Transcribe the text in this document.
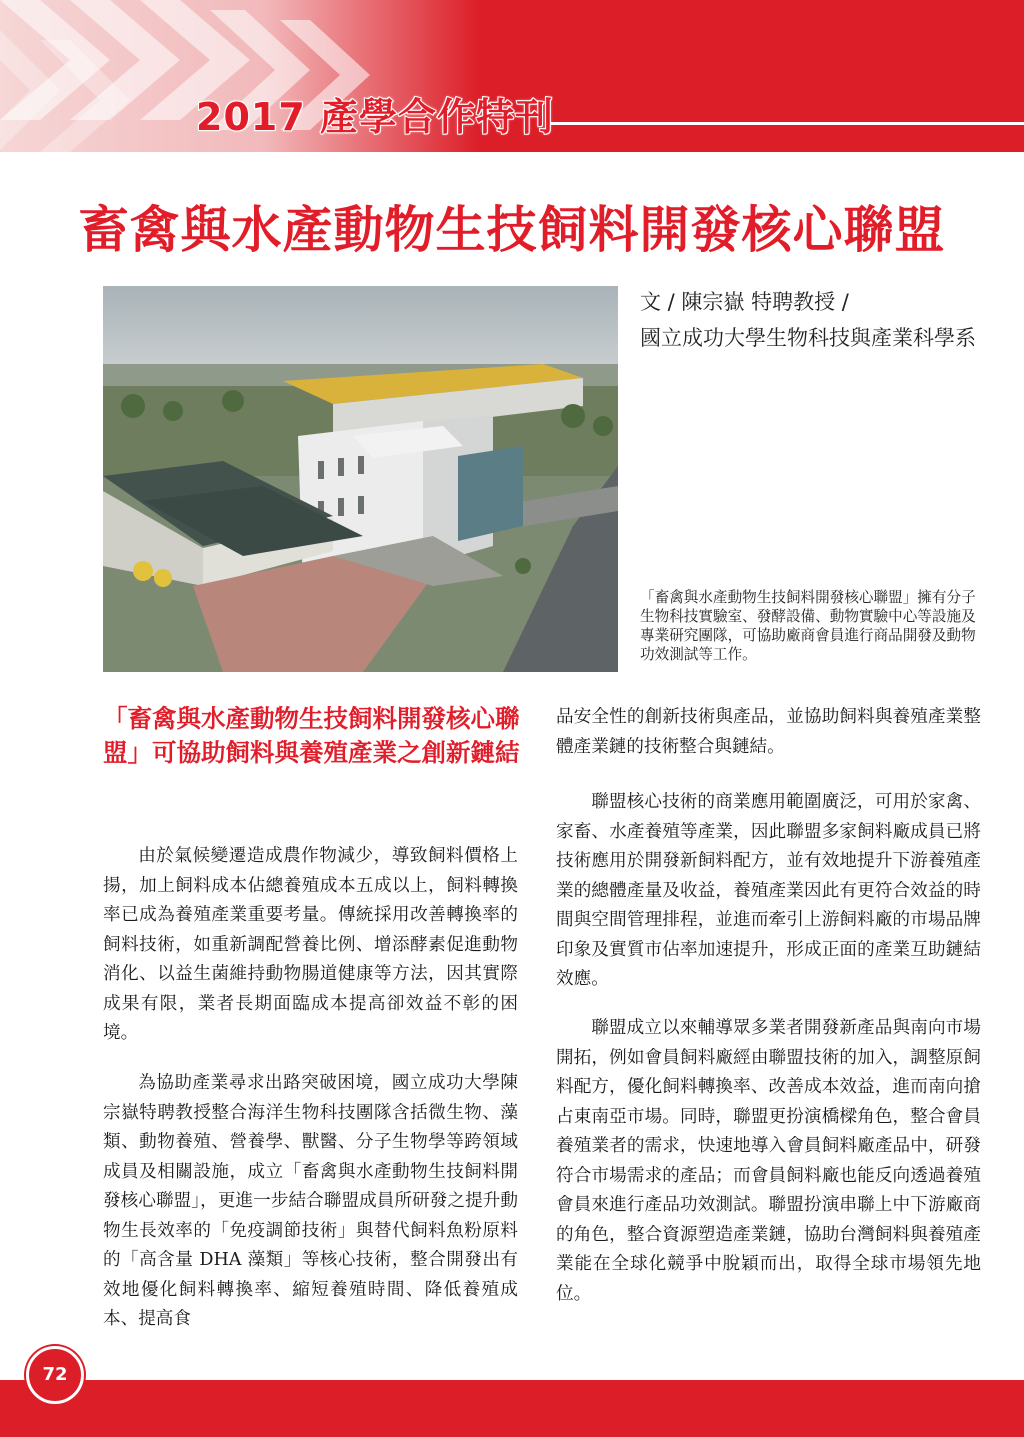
2017 產學合作特刊
畜禽與水產動物生技飼料開發核心聯盟
文 / 陳宗嶽 特聘教授 /
國立成功大學生物科技與產業科學系
「畜禽與水產動物生技飼料開發核心聯盟」擁有分子生物科技實驗室、發酵設備、動物實驗中心等設施及專業研究團隊，可協助廠商會員進行商品開發及動物功效測試等工作。
「畜禽與水產動物生技飼料開發核心聯盟」可協助飼料與養殖產業之創新鏈結

由於氣候變遷造成農作物減少，導致飼料價格上揚，加上飼料成本佔總養殖成本五成以上，飼料轉換率已成為養殖產業重要考量。傳統採用改善轉換率的飼料技術，如重新調配營養比例、增添酵素促進動物消化、以益生菌維持動物腸道健康等方法，因其實際成果有限，業者長期面臨成本提高卻效益不彰的困境。

為協助產業尋求出路突破困境，國立成功大學陳宗嶽特聘教授整合海洋生物科技團隊含括微生物、藻類、動物養殖、營養學、獸醫、分子生物學等跨領域成員及相關設施，成立「畜禽與水產動物生技飼料開發核心聯盟」，更進一步結合聯盟成員所研發之提升動物生長效率的「免疫調節技術」與替代飼料魚粉原料的「高含量 DHA 藻類」等核心技術，整合開發出有效地優化飼料轉換率、縮短養殖時間、降低養殖成本、提高食

品安全性的創新技術與產品，並協助飼料與養殖產業整體產業鏈的技術整合與鏈結。

聯盟核心技術的商業應用範圍廣泛，可用於家禽、家畜、水產養殖等產業，因此聯盟多家飼料廠成員已將技術應用於開發新飼料配方，並有效地提升下游養殖產業的總體產量及收益，養殖產業因此有更符合效益的時間與空間管理排程，並進而牽引上游飼料廠的市場品牌印象及實質市佔率加速提升，形成正面的產業互助鏈結效應。

聯盟成立以來輔導眾多業者開發新產品與南向市場開拓，例如會員飼料廠經由聯盟技術的加入，調整原飼料配方，優化飼料轉換率、改善成本效益，進而南向搶占東南亞市場。同時，聯盟更扮演橋樑角色，整合會員養殖業者的需求，快速地導入會員飼料廠產品中，研發符合市場需求的產品；而會員飼料廠也能反向透過養殖會員來進行產品功效測試。聯盟扮演串聯上中下游廠商的角色，整合資源塑造產業鏈，協助台灣飼料與養殖產業能在全球化競爭中脫穎而出，取得全球市場領先地位。

72
